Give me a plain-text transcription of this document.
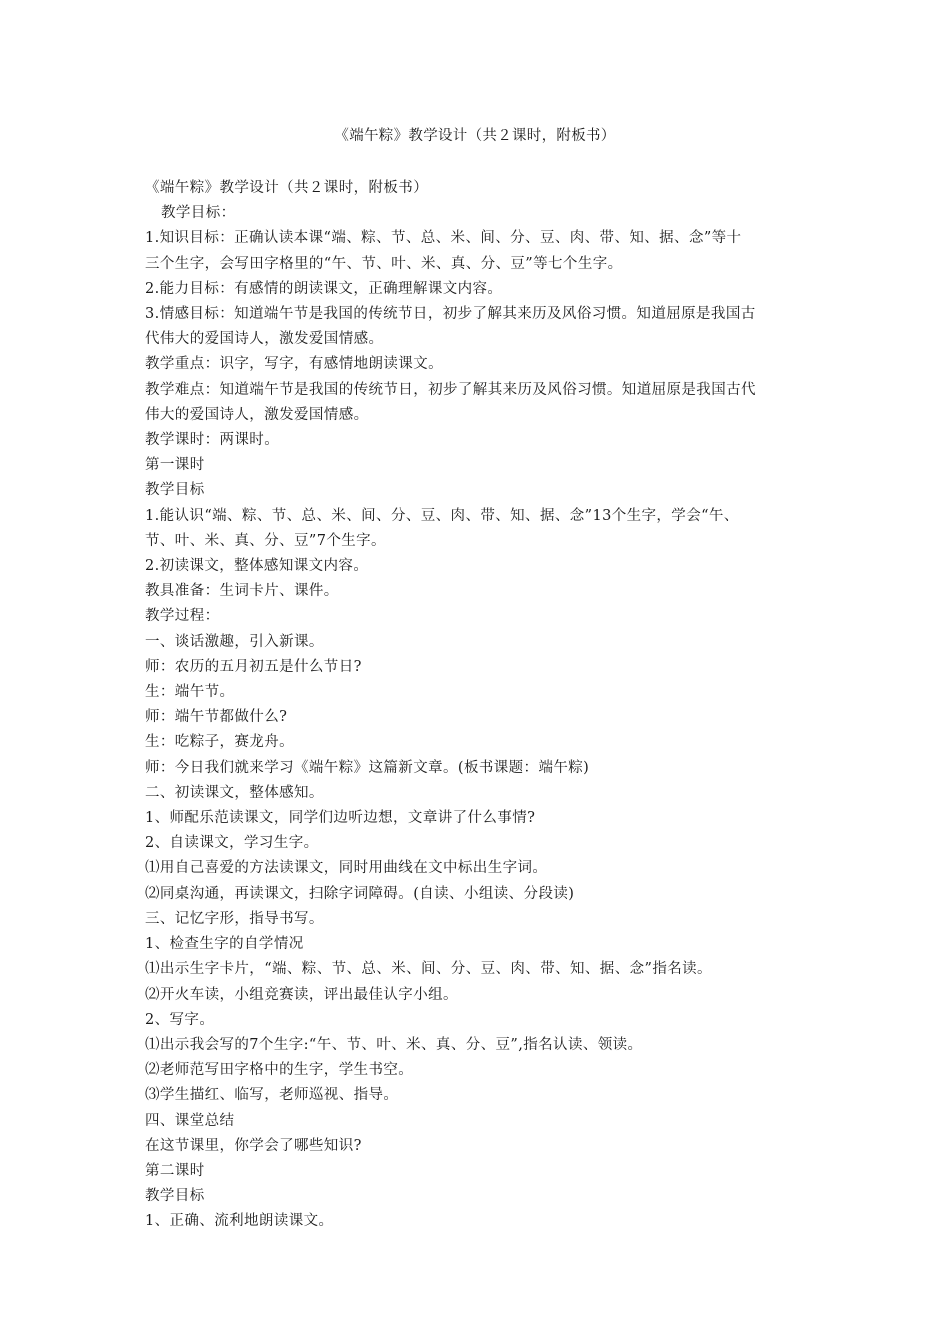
《端午粽》教学设计（共２课时，附板书）

《端午粽》教学设计（共２课时，附板书）

教学目标：

1.知识目标：正确认读本课“端、粽、节、总、米、间、分、豆、肉、带、知、据、念”等十

三个生字，会写田字格里的“午、节、叶、米、真、分、豆”等七个生字。

2.能力目标：有感情的朗读课文，正确理解课文内容。

3.情感目标：知道端午节是我国的传统节日，初步了解其来历及风俗习惯。知道屈原是我国古

代伟大的爱国诗人，激发爱国情感。

教学重点：识字，写字，有感情地朗读课文。

教学难点：知道端午节是我国的传统节日，初步了解其来历及风俗习惯。知道屈原是我国古代

伟大的爱国诗人，激发爱国情感。

教学课时：两课时。

第一课时

教学目标

1.能认识“端、粽、节、总、米、间、分、豆、肉、带、知、据、念”13个生字，学会“午、

节、叶、米、真、分、豆”7个生字。

2.初读课文，整体感知课文内容。

教具准备：生词卡片、课件。

教学过程：

一、谈话激趣，引入新课。

师：农历的五月初五是什么节日?

生：端午节。

师：端午节都做什么?

生：吃粽子，赛龙舟。

师：今日我们就来学习《端午粽》这篇新文章。(板书课题：端午粽)

二、初读课文，整体感知。

1、师配乐范读课文，同学们边听边想，文章讲了什么事情?

2、自读课文，学习生字。

⑴用自己喜爱的方法读课文，同时用曲线在文中标出生字词。

⑵同桌沟通，再读课文，扫除字词障碍。(自读、小组读、分段读)

三、记忆字形，指导书写。

1、检查生字的自学情况

⑴出示生字卡片，“端、粽、节、总、米、间、分、豆、肉、带、知、据、念”指名读。

⑵开火车读，小组竞赛读，评出最佳认字小组。

2、写字。

⑴出示我会写的7个生字:“午、节、叶、米、真、分、豆”,指名认读、领读。

⑵老师范写田字格中的生字，学生书空。

⑶学生描红、临写，老师巡视、指导。

四、课堂总结

在这节课里，你学会了哪些知识?

第二课时

教学目标

1、正确、流利地朗读课文。
